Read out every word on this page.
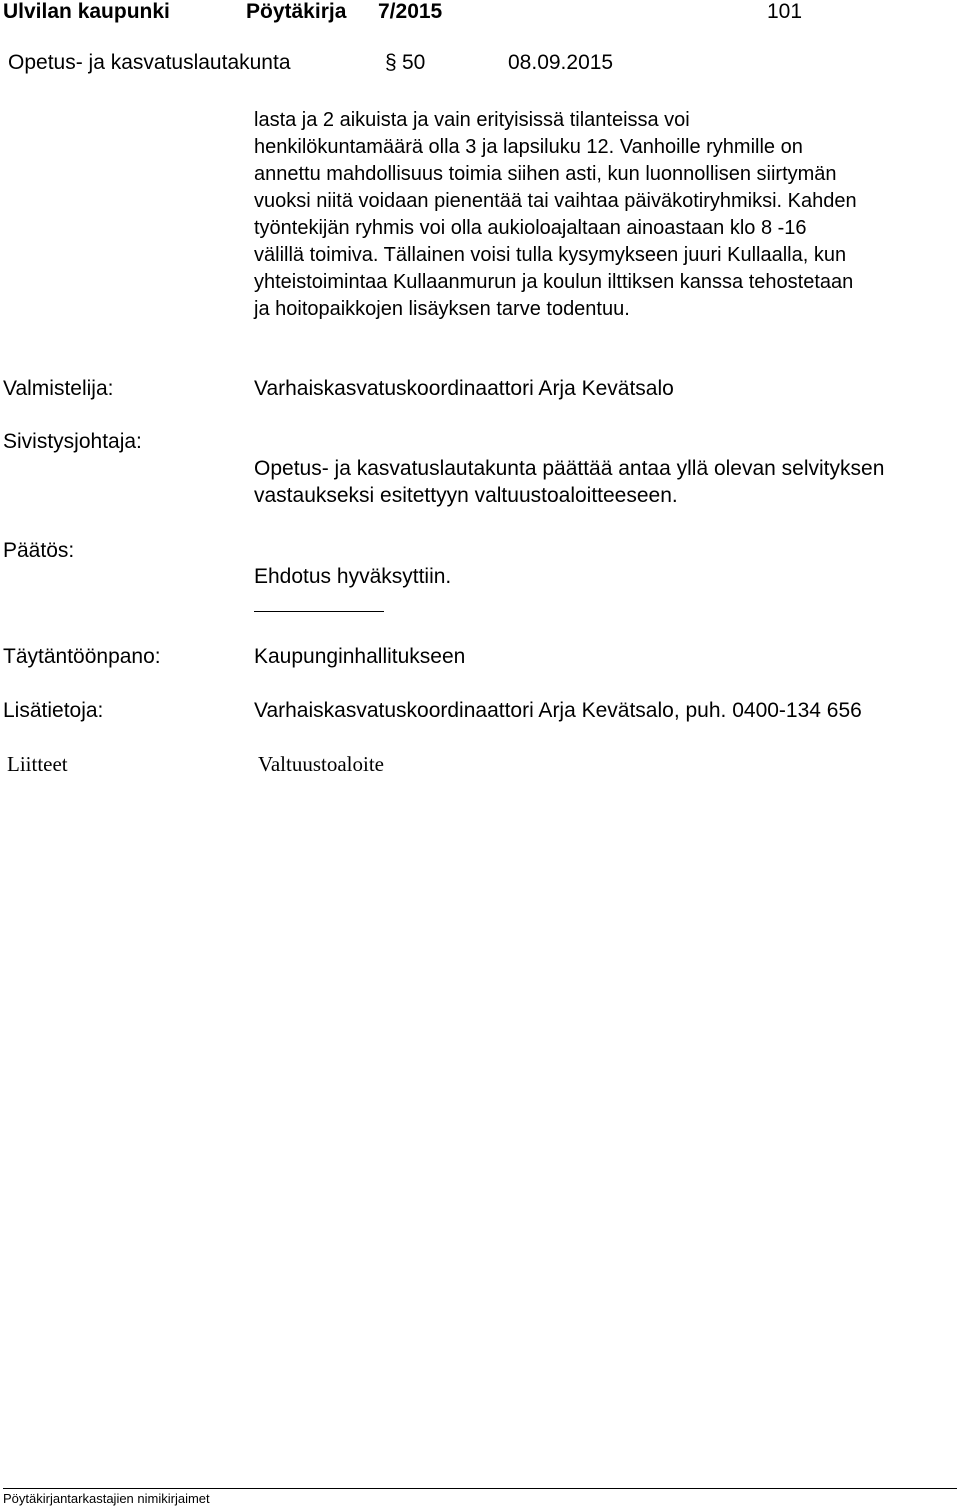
Ulvilan kaupunki	Pöytäkirja 7/2015	101
Opetus- ja kasvatuslautakunta	§ 50	08.09.2015
lasta ja 2 aikuista ja vain erityisissä tilanteissa voi
henkilökuntamäärä olla 3 ja lapsiluku 12. Vanhoille ryhmille on
annettu mahdollisuus toimia siihen asti, kun luonnollisen siirtymän
vuoksi niitä voidaan pienentää tai vaihtaa päiväkotiryhmiksi. Kahden
työntekijän ryhmis voi olla aukioloajaltaan ainoastaan klo 8 -16
välillä toimiva. Tällainen voisi tulla kysymykseen juuri Kullaalla, kun
yhteistoimintaa Kullaanmurun ja koulun ilttiksen kanssa tehostetaan
ja hoitopaikkojen lisäyksen tarve todentuu.
Valmistelija:	Varhaiskasvatuskoordinaattori Arja Kevätsalo
Sivistysjohtaja:
Opetus- ja kasvatuslautakunta päättää antaa yllä olevan selvityksen
vastaukseksi esitettyyn valtuustoaloitteeseen.
Päätös:
Ehdotus hyväksyttiin.
Täytäntöönpano:	Kaupunginhallitukseen
Lisätietoja:	Varhaiskasvatuskoordinaattori Arja Kevätsalo, puh. 0400-134 656
Liitteet	Valtuustoaloite
Pöytäkirjantarkastajien nimikirjaimet
